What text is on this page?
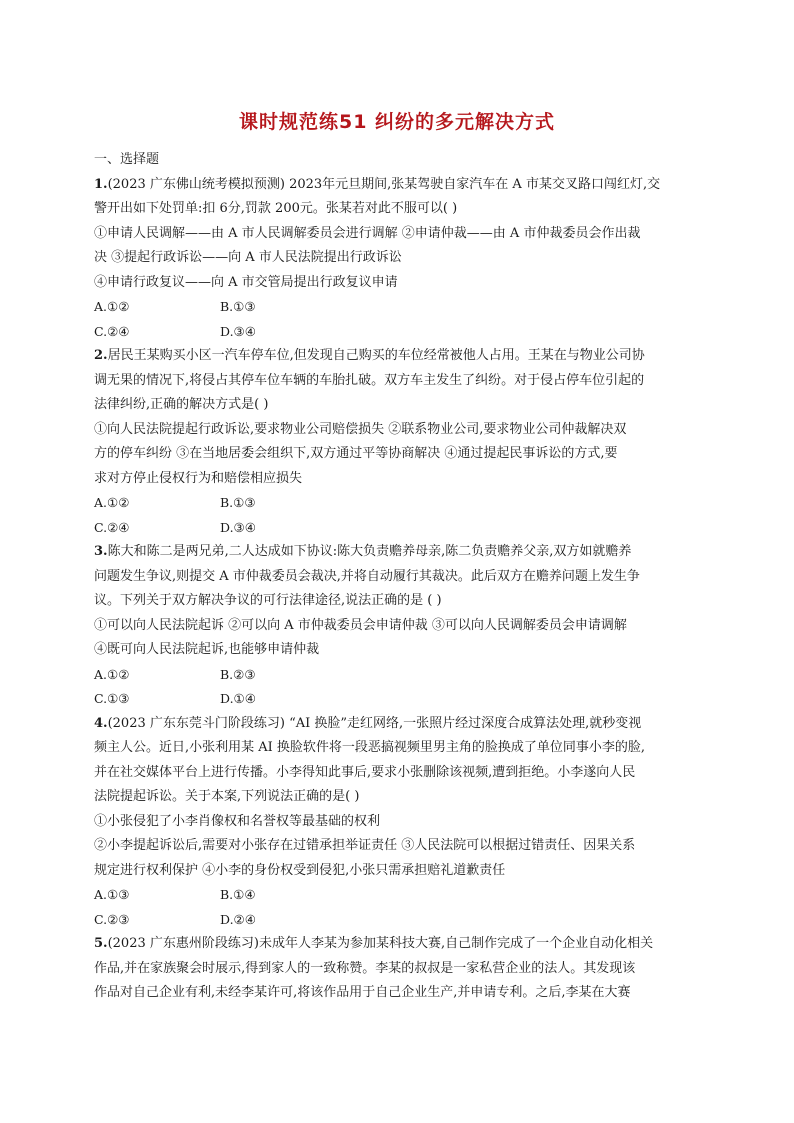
课时规范练51 纠纷的多元解决方式
一、选择题
1.(2023 广东佛山统考模拟预测) 2023年元旦期间,张某驾驶自家汽车在 A 市某交叉路口闯红灯,交
警开出如下处罚单:扣 6分,罚款 200元。张某若对此不服可以( )
①申请人民调解——由 A 市人民调解委员会进行调解 ②申请仲裁——由 A 市仲裁委员会作出裁
决 ③提起行政诉讼——向 A 市人民法院提出行政诉讼
④申请行政复议——向 A 市交管局提出行政复议申请
A.①②	B.①③
C.②④	D.③④
2.居民王某购买小区一汽车停车位,但发现自己购买的车位经常被他人占用。王某在与物业公司协
调无果的情况下,将侵占其停车位车辆的车胎扎破。双方车主发生了纠纷。对于侵占停车位引起的
法律纠纷,正确的解决方式是( )
①向人民法院提起行政诉讼,要求物业公司赔偿损失 ②联系物业公司,要求物业公司仲裁解决双
方的停车纠纷 ③在当地居委会组织下,双方通过平等协商解决 ④通过提起民事诉讼的方式,要
求对方停止侵权行为和赔偿相应损失
A.①②	B.①③
C.②④	D.③④
3.陈大和陈二是两兄弟,二人达成如下协议:陈大负责赡养母亲,陈二负责赡养父亲,双方如就赡养
问题发生争议,则提交 A 市仲裁委员会裁决,并将自动履行其裁决。此后双方在赡养问题上发生争
议。下列关于双方解决争议的可行法律途径,说法正确的是 ( )
①可以向人民法院起诉 ②可以向 A 市仲裁委员会申请仲裁 ③可以向人民调解委员会申请调解
④既可向人民法院起诉,也能够申请仲裁
A.①②	B.②③
C.①③	D.①④
4.(2023 广东东莞斗门阶段练习) “AI 换脸”走红网络,一张照片经过深度合成算法处理,就秒变视
频主人公。近日,小张利用某 AI 换脸软件将一段恶搞视频里男主角的脸换成了单位同事小李的脸,
并在社交媒体平台上进行传播。小李得知此事后,要求小张删除该视频,遭到拒绝。小李遂向人民
法院提起诉讼。关于本案,下列说法正确的是( )
①小张侵犯了小李肖像权和名誉权等最基础的权利
②小李提起诉讼后,需要对小张存在过错承担举证责任 ③人民法院可以根据过错责任、因果关系
规定进行权利保护 ④小李的身份权受到侵犯,小张只需承担赔礼道歉责任
A.①③	B.①④
C.②③	D.②④
5.(2023 广东惠州阶段练习)未成年人李某为参加某科技大赛,自己制作完成了一个企业自动化相关
作品,并在家族聚会时展示,得到家人的一致称赞。李某的叔叔是一家私营企业的法人。其发现该
作品对自己企业有利,未经李某许可,将该作品用于自己企业生产,并申请专利。之后,李某在大赛
